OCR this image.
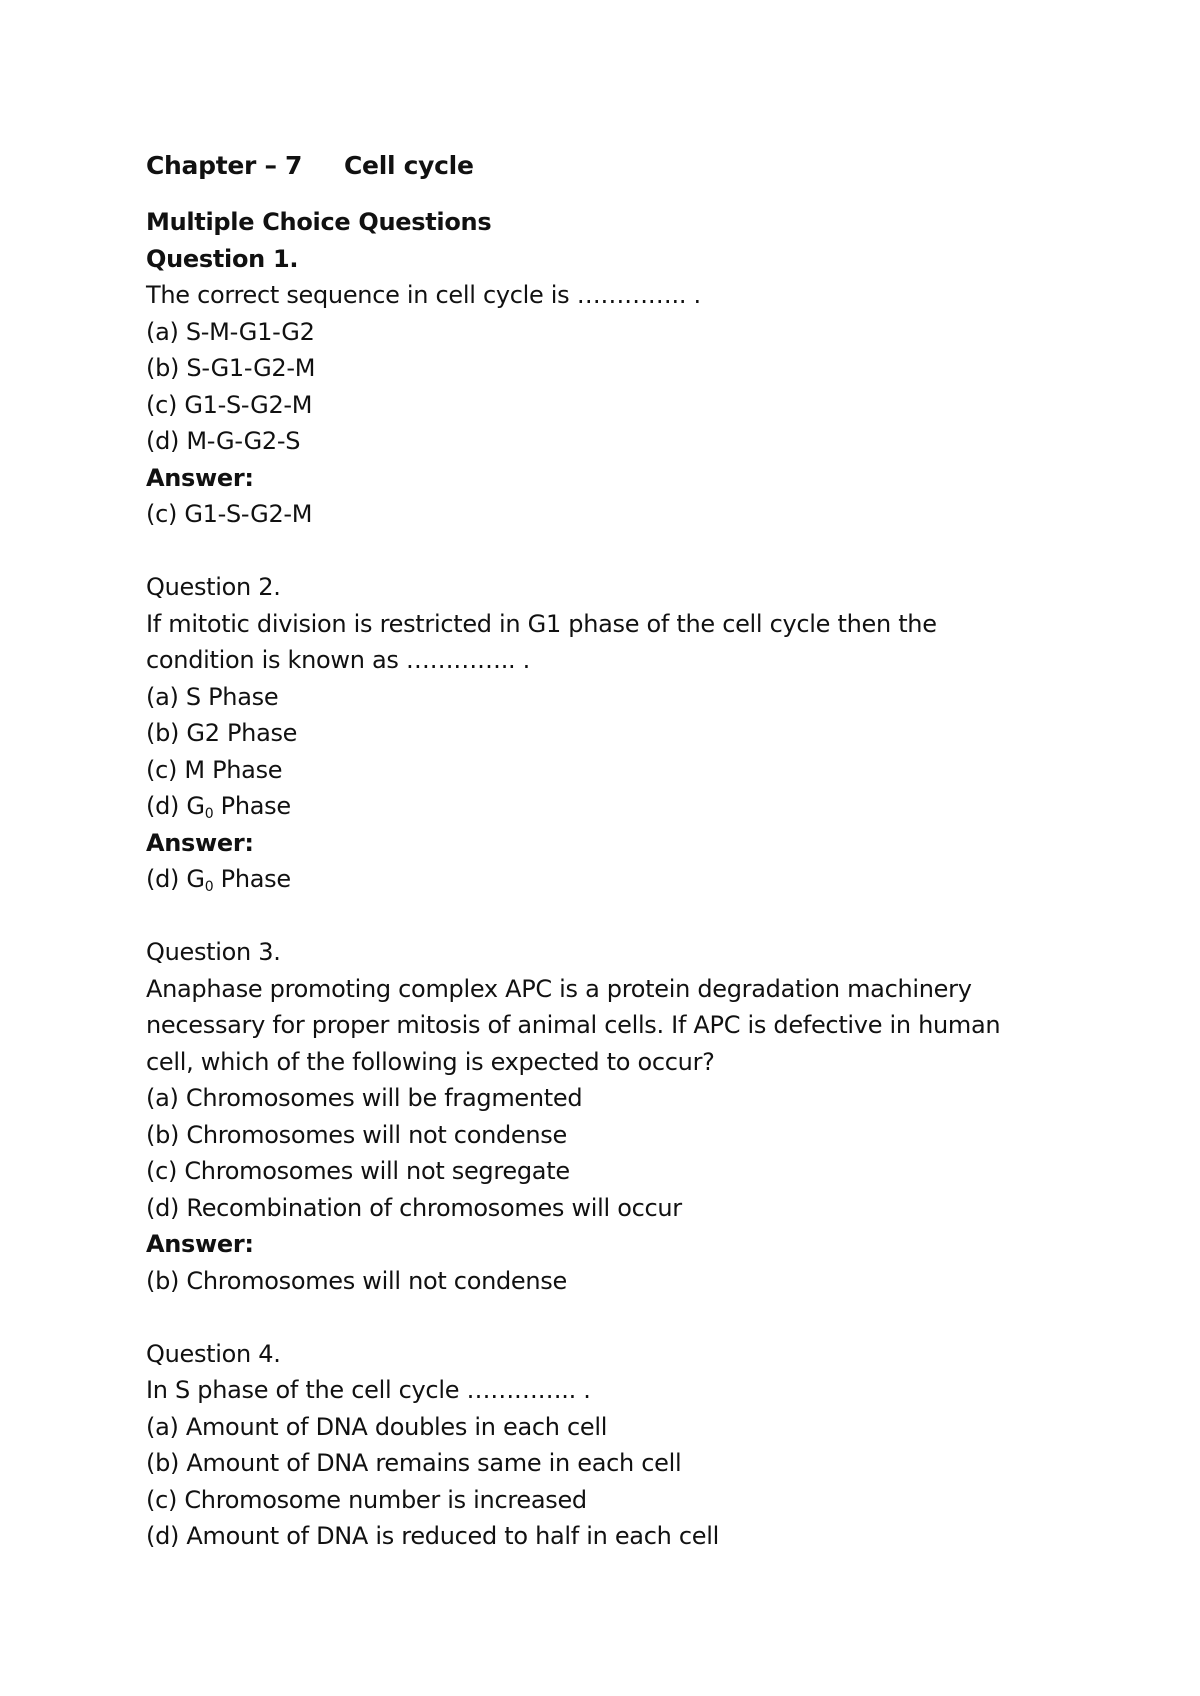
Chapter – 7 Cell cycle
Multiple Choice Questions
Question 1.
The correct sequence in cell cycle is ………….. .
(a) S-M-G1-G2
(b) S-G1-G2-M
(c) G1-S-G2-M
(d) M-G-G2-S
Answer:
(c) G1-S-G2-M
Question 2.
If mitotic division is restricted in G1 phase of the cell cycle then the
condition is known as ………….. .
(a) S Phase
(b) G2 Phase
(c) M Phase
(d) $G_0$ Phase
Answer:
(d) $G_0$ Phase
Question 3.
Anaphase promoting complex APC is a protein degradation machinery
necessary for proper mitosis of animal cells. If APC is defective in human
cell, which of the following is expected to occur?
(a) Chromosomes will be fragmented
(b) Chromosomes will not condense
(c) Chromosomes will not segregate
(d) Recombination of chromosomes will occur
Answer:
(b) Chromosomes will not condense
Question 4.
In S phase of the cell cycle ………….. .
(a) Amount of DNA doubles in each cell
(b) Amount of DNA remains same in each cell
(c) Chromosome number is increased
(d) Amount of DNA is reduced to half in each cell
